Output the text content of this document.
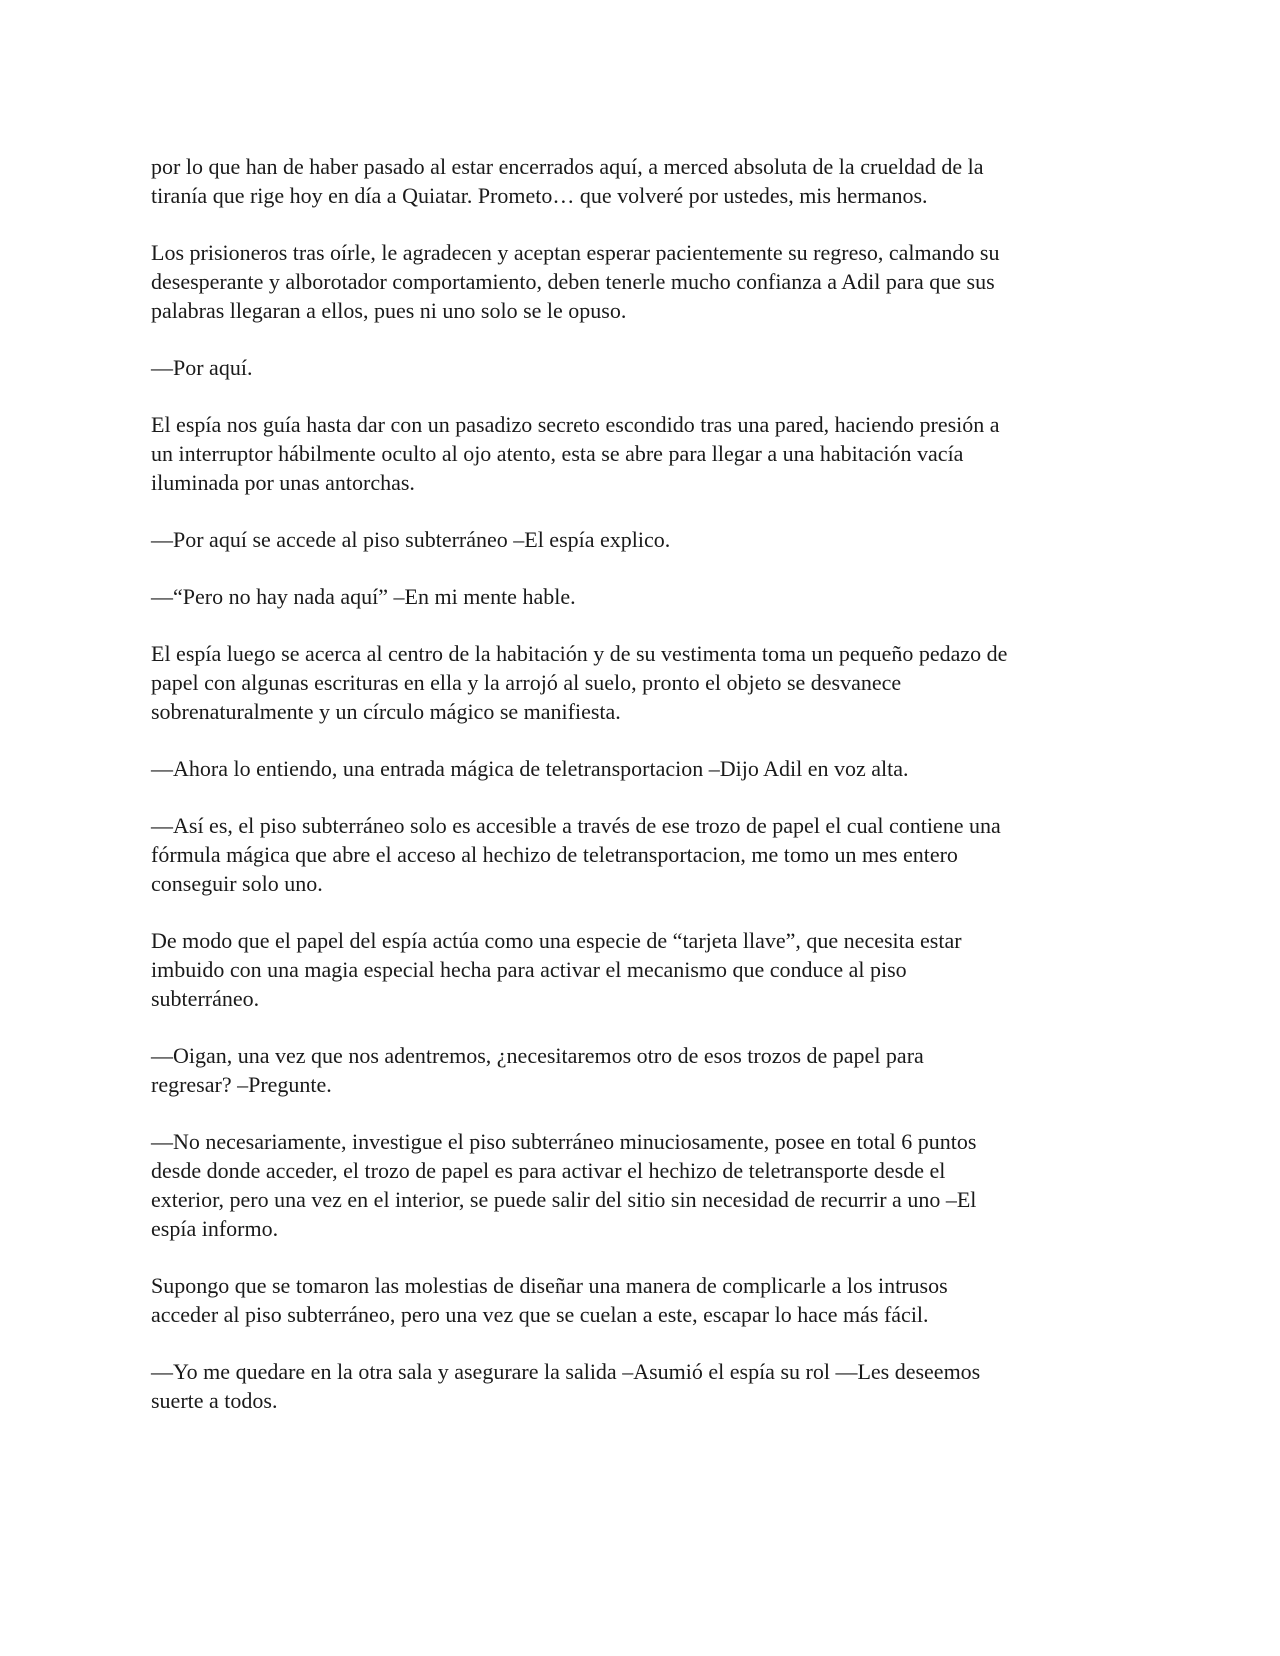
por lo que han de haber pasado al estar encerrados aquí, a merced absoluta de la crueldad de la
tiranía que rige hoy en día a Quiatar. Prometo… que volveré por ustedes, mis hermanos.

Los prisioneros tras oírle, le agradecen y aceptan esperar pacientemente su regreso, calmando su
desesperante y alborotador comportamiento, deben tenerle mucho confianza a Adil para que sus
palabras llegaran a ellos, pues ni uno solo se le opuso.

—Por aquí.

El espía nos guía hasta dar con un pasadizo secreto escondido tras una pared, haciendo presión a
un interruptor hábilmente oculto al ojo atento, esta se abre para llegar a una habitación vacía
iluminada por unas antorchas.

—Por aquí se accede al piso subterráneo –El espía explico.

—“Pero no hay nada aquí” –En mi mente hable.

El espía luego se acerca al centro de la habitación y de su vestimenta toma un pequeño pedazo de
papel con algunas escrituras en ella y la arrojó al suelo, pronto el objeto se desvanece
sobrenaturalmente y un círculo mágico se manifiesta.

—Ahora lo entiendo, una entrada mágica de teletransportacion –Dijo Adil en voz alta.

—Así es, el piso subterráneo solo es accesible a través de ese trozo de papel el cual contiene una
fórmula mágica que abre el acceso al hechizo de teletransportacion, me tomo un mes entero
conseguir solo uno.

De modo que el papel del espía actúa como una especie de “tarjeta llave”, que necesita estar
imbuido con una magia especial hecha para activar el mecanismo que conduce al piso
subterráneo.

—Oigan, una vez que nos adentremos, ¿necesitaremos otro de esos trozos de papel para
regresar? –Pregunte.

—No necesariamente, investigue el piso subterráneo minuciosamente, posee en total 6 puntos
desde donde acceder, el trozo de papel es para activar el hechizo de teletransporte desde el
exterior, pero una vez en el interior, se puede salir del sitio sin necesidad de recurrir a uno –El
espía informo.

Supongo que se tomaron las molestias de diseñar una manera de complicarle a los intrusos
acceder al piso subterráneo, pero una vez que se cuelan a este, escapar lo hace más fácil.

—Yo me quedare en la otra sala y asegurare la salida –Asumió el espía su rol —Les deseemos
suerte a todos.
